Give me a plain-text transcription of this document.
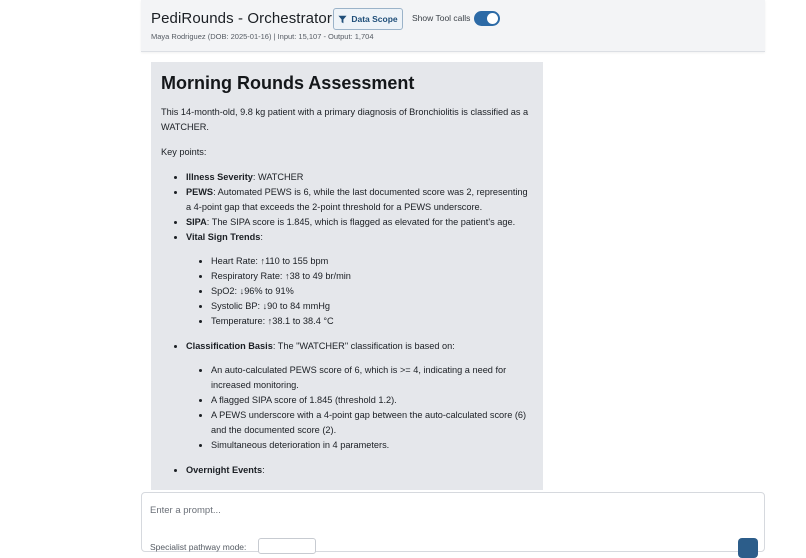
PediRounds - Orchestrator Data Scope Show Tool calls
Maya Rodriguez (DOB: 2025-01-16) | Input: 15,107 - Output: 1,704
Morning Rounds Assessment

This 14-month-old, 9.8 kg patient with a primary diagnosis of Bronchiolitis is classified as a WATCHER.

Key points:

• Illness Severity: WATCHER
• PEWS: Automated PEWS is 6, while the last documented score was 2, representing a 4-point gap that exceeds the 2-point threshold for a PEWS underscore.
• SIPA: The SIPA score is 1.845, which is flagged as elevated for the patient's age.
• Vital Sign Trends:
• Heart Rate: ↑110 to 155 bpm
• Respiratory Rate: ↑38 to 49 br/min
• SpO2: ↓96% to 91%
• Systolic BP: ↓90 to 84 mmHg
• Temperature: ↑38.1 to 38.4 °C
• Classification Basis: The "WATCHER" classification is based on:
• An auto-calculated PEWS score of 6, which is >= 4, indicating a need for increased monitoring.
• A flagged SIPA score of 1.845 (threshold 1.2).
• A PEWS underscore with a 4-point gap between the auto-calculated score (6) and the documented score (2).
• Simultaneous deterioration in 4 parameters.
• Overnight Events:
Enter a prompt...
Specialist pathway mode:
